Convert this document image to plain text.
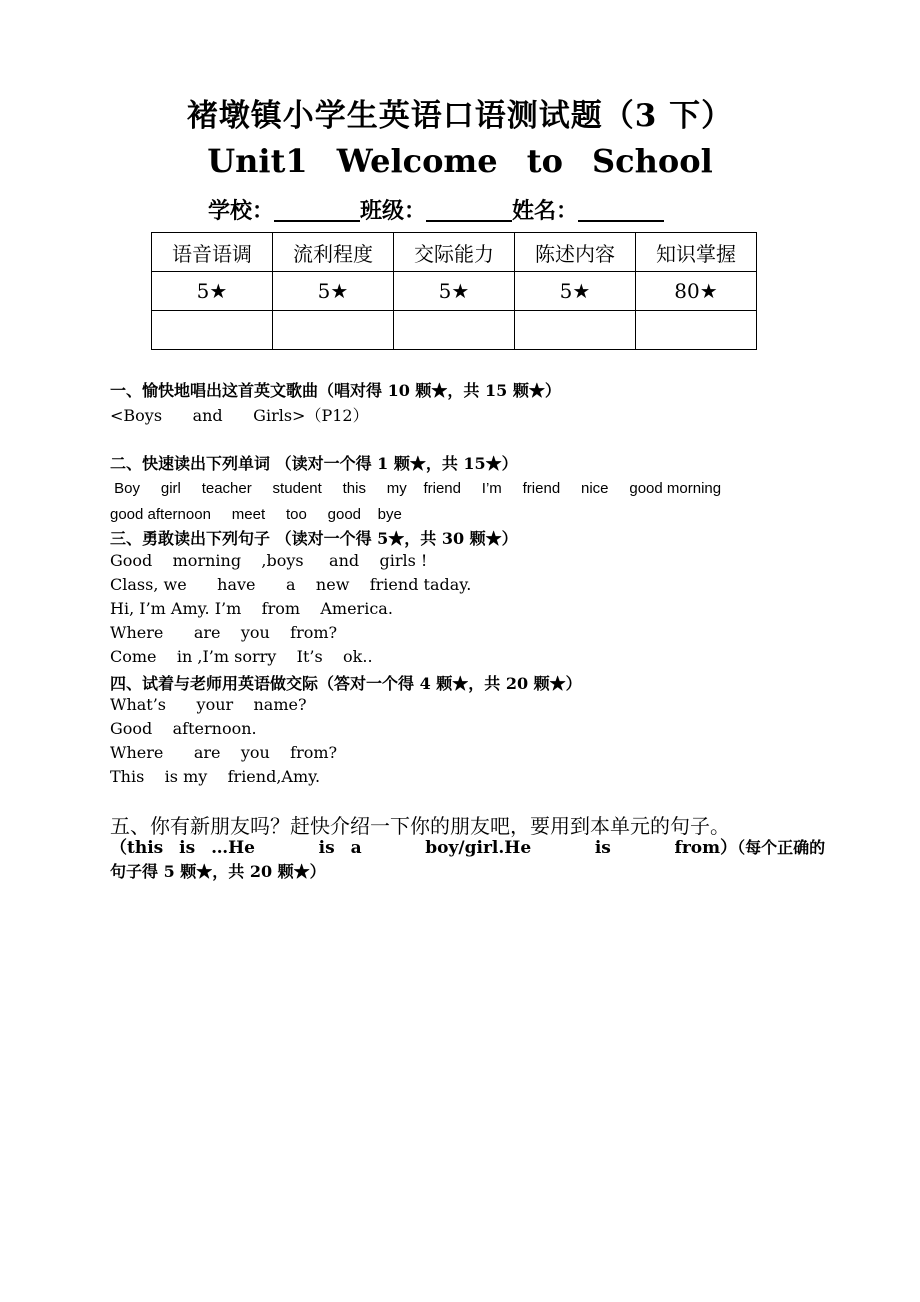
褚墩镇小学生英语口语测试题（3 下）
Unit1 Welcome to School
学校：	班级：	姓名：
语音语调	流利程度	交际能力	陈述内容	知识掌握
5★	5★	5★	5★	80★

一、愉快地唱出这首英文歌曲（唱对得 10 颗★，共 15 颗★）
<Boys      and      Girls>（P12）
二、快速读出下列单词 （读对一个得 1 颗★，共 15★）
Boy     girl     teacher     student     this     my    friend     I’m     friend     nice     good morning
good afternoon     meet     too     good    bye
三、勇敢读出下列句子 （读对一个得 5★，共 30 颗★）
Good    morning    ,boys     and    girls !
Class, we      have      a    new    friend taday.
Hi, I’m Amy. I’m    from    America.
Where      are    you    from?
Come    in ,I’m sorry    It’s    ok..
四、试着与老师用英语做交际（答对一个得 4 颗★，共 20 颗★）
What’s      your    name?
Good    afternoon.
Where      are    you    from?
This    is my    friend,Amy.
五、你有新朋友吗？赶快介绍一下你的朋友吧，要用到本单元的句子。
（this is …He    is a    boy/girl.He    is    from）（每个正确的句子得 5 颗★，共 20 颗★）
